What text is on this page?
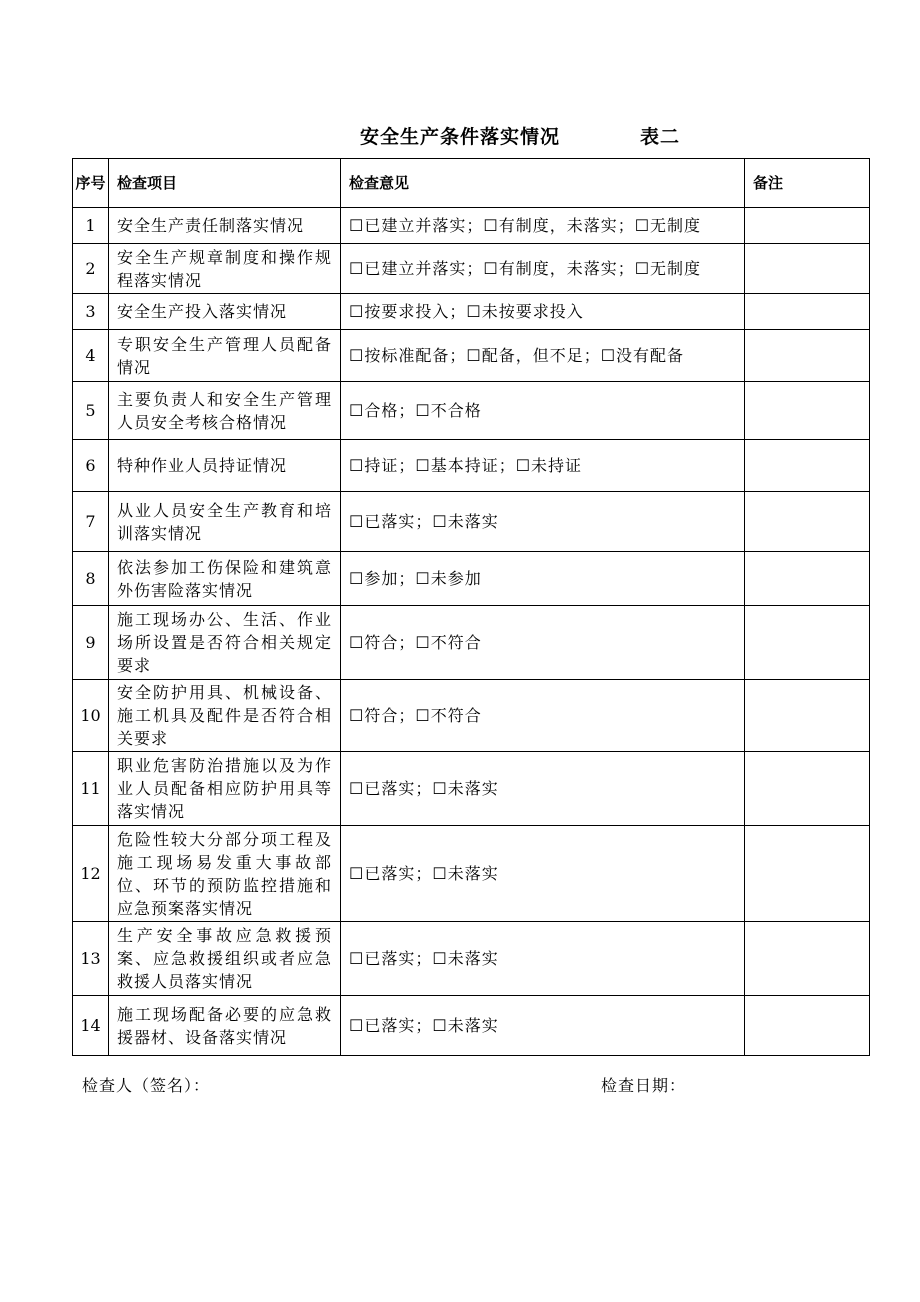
安全生产条件落实情况	表二
序号	检查项目	检查意见	备注
1	安全生产责任制落实情况	☐已建立并落实；☐有制度，未落实；☐无制度	
2	安全生产规章制度和操作规程落实情况	☐已建立并落实；☐有制度，未落实；☐无制度	
3	安全生产投入落实情况	☐按要求投入；☐未按要求投入	
4	专职安全生产管理人员配备情况	☐按标准配备；☐配备，但不足；☐没有配备	
5	主要负责人和安全生产管理人员安全考核合格情况	☐合格；☐不合格	
6	特种作业人员持证情况	☐持证；☐基本持证；☐未持证	
7	从业人员安全生产教育和培训落实情况	☐已落实；☐未落实	
8	依法参加工伤保险和建筑意外伤害险落实情况	☐参加；☐未参加	
9	施工现场办公、生活、作业场所设置是否符合相关规定要求	☐符合；☐不符合	
10	安全防护用具、机械设备、施工机具及配件是否符合相关要求	☐符合；☐不符合	
11	职业危害防治措施以及为作业人员配备相应防护用具等落实情况	☐已落实；☐未落实	
12	危险性较大分部分项工程及施工现场易发重大事故部位、环节的预防监控措施和应急预案落实情况	☐已落实；☐未落实	
13	生产安全事故应急救援预案、应急救援组织或者应急救援人员落实情况	☐已落实；☐未落实	
14	施工现场配备必要的应急救援器材、设备落实情况	☐已落实；☐未落实	
检查人（签名）：	检查日期：
